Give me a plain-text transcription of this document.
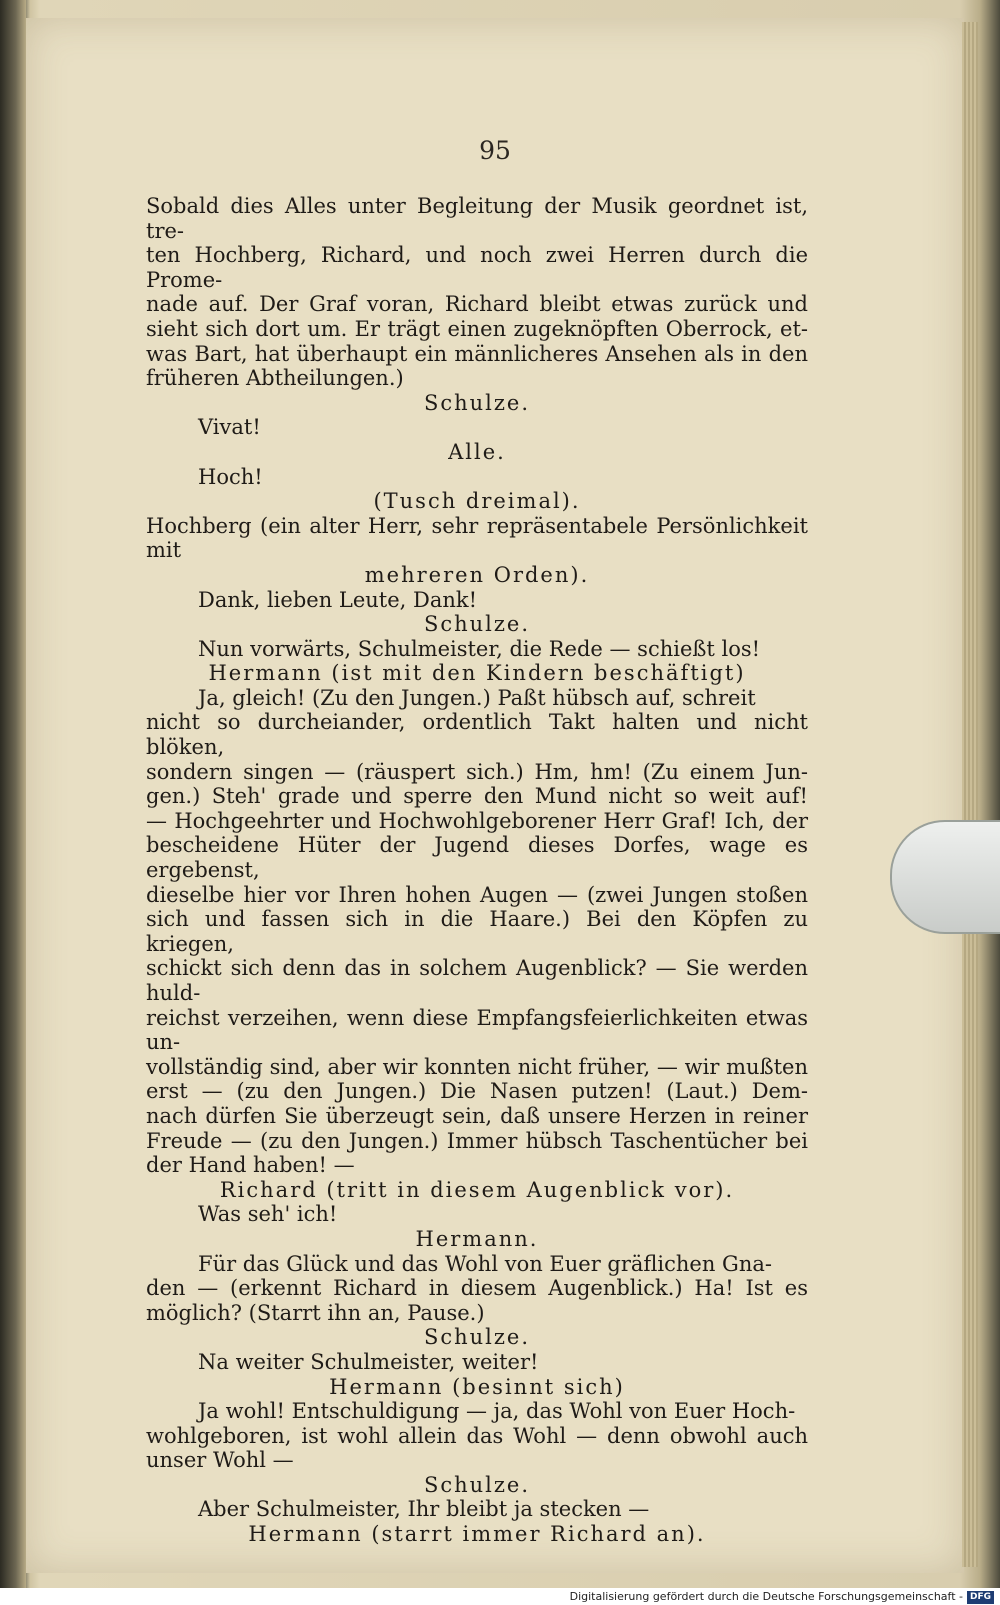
95
Sobald dies Alles unter Begleitung der Musik geordnet ist, tre-
ten Hochberg, Richard, und noch zwei Herren durch die Prome-
nade auf. Der Graf voran, Richard bleibt etwas zurück und
sieht sich dort um. Er trägt einen zugeknöpften Oberrock, et-
was Bart, hat überhaupt ein männlicheres Ansehen als in den
früheren Abtheilungen.)
Schulze.
Vivat!
Alle.
Hoch!
(Tusch dreimal).
Hochberg (ein alter Herr, sehr repräsentabele Persönlichkeit mit
mehreren Orden).
Dank, lieben Leute, Dank!
Schulze.
Nun vorwärts, Schulmeister, die Rede — schießt los!
Hermann (ist mit den Kindern beschäftigt)
Ja, gleich! (Zu den Jungen.) Paßt hübsch auf, schreit
nicht so durcheiander, ordentlich Takt halten und nicht blöken,
sondern singen — (räuspert sich.) Hm, hm! (Zu einem Jun-
gen.) Steh' grade und sperre den Mund nicht so weit auf!
— Hochgeehrter und Hochwohlgeborener Herr Graf! Ich, der
bescheidene Hüter der Jugend dieses Dorfes, wage es ergebenst,
dieselbe hier vor Ihren hohen Augen — (zwei Jungen stoßen
sich und fassen sich in die Haare.) Bei den Köpfen zu kriegen,
schickt sich denn das in solchem Augenblick? — Sie werden huld-
reichst verzeihen, wenn diese Empfangsfeierlichkeiten etwas un-
vollständig sind, aber wir konnten nicht früher, — wir mußten
erst — (zu den Jungen.) Die Nasen putzen! (Laut.) Dem-
nach dürfen Sie überzeugt sein, daß unsere Herzen in reiner
Freude — (zu den Jungen.) Immer hübsch Taschentücher bei
der Hand haben! —
Richard (tritt in diesem Augenblick vor).
Was seh' ich!
Hermann.
Für das Glück und das Wohl von Euer gräflichen Gna-
den — (erkennt Richard in diesem Augenblick.) Ha! Ist es
möglich? (Starrt ihn an, Pause.)
Schulze.
Na weiter Schulmeister, weiter!
Hermann (besinnt sich)
Ja wohl! Entschuldigung — ja, das Wohl von Euer Hoch-
wohlgeboren, ist wohl allein das Wohl — denn obwohl auch
unser Wohl —
Schulze.
Aber Schulmeister, Ihr bleibt ja stecken —
Hermann (starrt immer Richard an).
Digitalisierung gefördert durch die Deutsche Forschungsgemeinschaft - DFG
